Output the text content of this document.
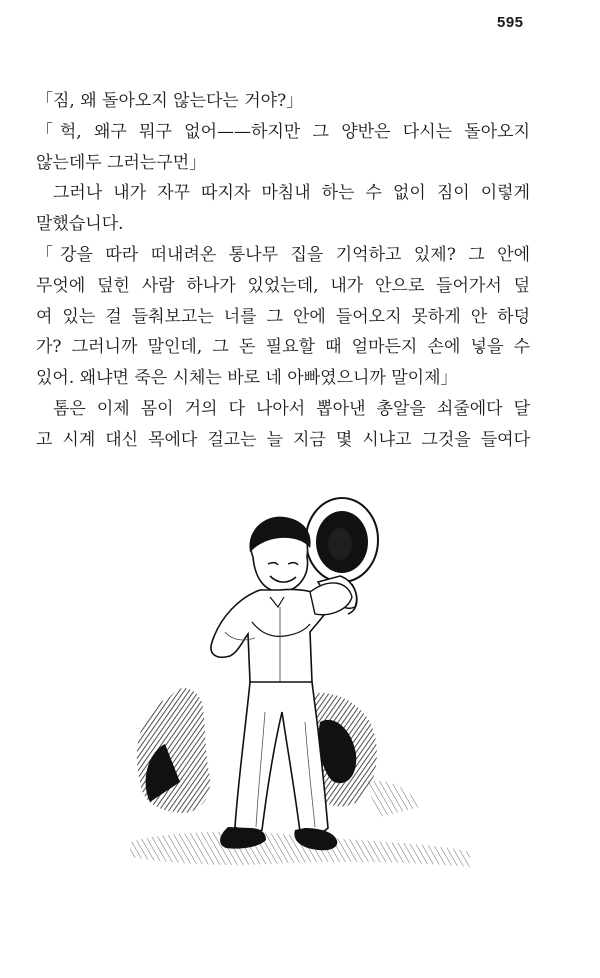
595
「짐, 왜 돌아오지 않는다는 거야?」
「헉, 왜구 뭐구 없어——하지만 그 양반은 다시는 돌아오지
않는데두 그러는구먼」
그러나 내가 자꾸 따지자 마침내 하는 수 없이 짐이 이렇게
말했습니다.
「강을 따라 떠내려온 통나무 집을 기억하고 있제? 그 안에
무엇에 덮힌 사람 하나가 있었는데, 내가 안으로 들어가서 덮
여 있는 걸 들춰보고는 너를 그 안에 들어오지 못하게 안 하덩
가? 그러니까 말인데, 그 돈 필요할 때 얼마든지 손에 넣을 수
있어. 왜냐면 죽은 시체는 바로 네 아빠였으니까 말이제」
톰은 이제 몸이 거의 다 나아서 뽑아낸 총알을 쇠줄에다 달
고 시계 대신 목에다 걸고는 늘 지금 몇 시냐고 그것을 들여다
